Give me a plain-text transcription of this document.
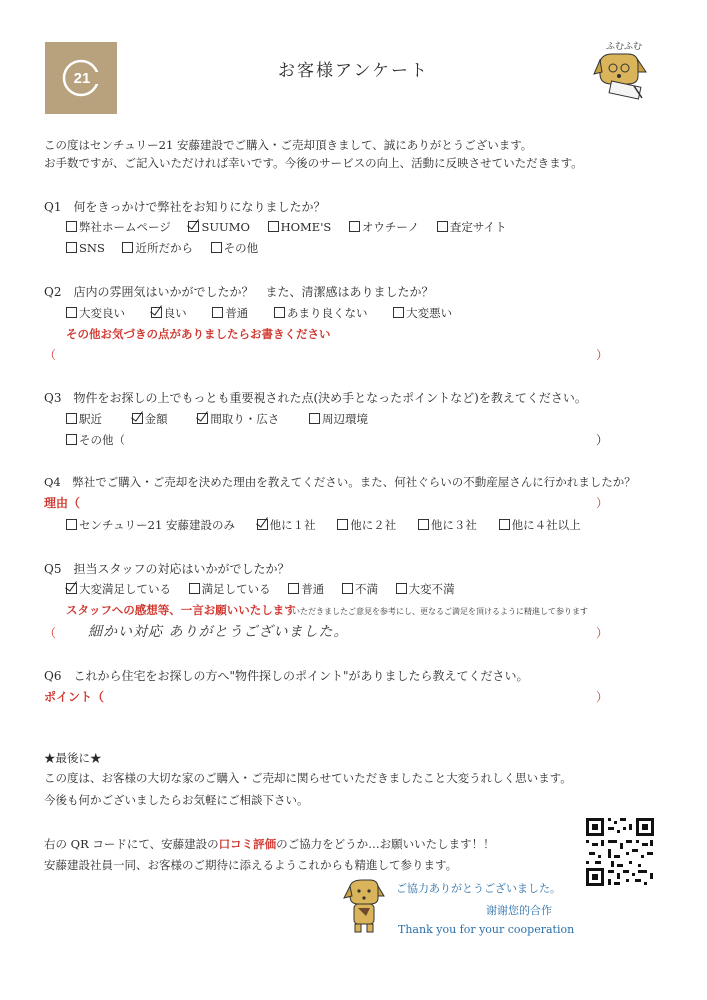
21	お客様アンケート
ふむふむ
この度はセンチュリー21 安藤建設でご購入・ご売却頂きまして、誠にありがとうございます。
お手数ですが、ご記入いただければ幸いです。今後のサービスの向上、活動に反映させていただきます。
Q1　何をきっかけで弊社をお知りになりましたか？
弊社ホームページ	SUUMO	HOME'S	オウチーノ	査定サイト
SNS	近所だから	その他
Q2　店内の雰囲気はいかがでしたか？　また、清潔感はありましたか？
大変良い	良い	普通	あまり良くない	大変悪い
その他お気づきの点がありましたらお書きください
（	）
Q3　物件をお探しの上でもっとも重要視された点(決め手となったポイントなど)を教えてください。
駅近	金額	間取り・広さ	周辺環境
その他（	）
Q4　弊社でご購入・ご売却を決めた理由を教えてください。また、何社ぐらいの不動産屋さんに行かれましたか？
理由（	）
センチュリー21 安藤建設のみ	他に１社	他に２社	他に３社	他に４社以上
Q5　担当スタッフの対応はいかがでしたか？
大変満足している	満足している	普通	不満	大変不満
スタッフへの感想等、一言お願いいたします
いただきましたご意見を参考にし、更なるご満足を頂けるように精進して参ります
（ 細かい対応 ありがとうございました。	）
Q6　これから住宅をお探しの方へ"物件探しのポイント"がありましたら教えてください。
ポイント（	）
★最後に★
この度は、お客様の大切な家のご購入・ご売却に関らせていただきましたこと大変うれしく思います。
今後も何かございましたらお気軽にご相談下さい。
右の QR コードにて、安藤建設の口コミ評価のご協力をどうか…お願いいたします！！
安藤建設社員一同、お客様のご期待に添えるようこれからも精進して参ります。
ご協力ありがとうございました。
谢谢您的合作
Thank you for your cooperation
